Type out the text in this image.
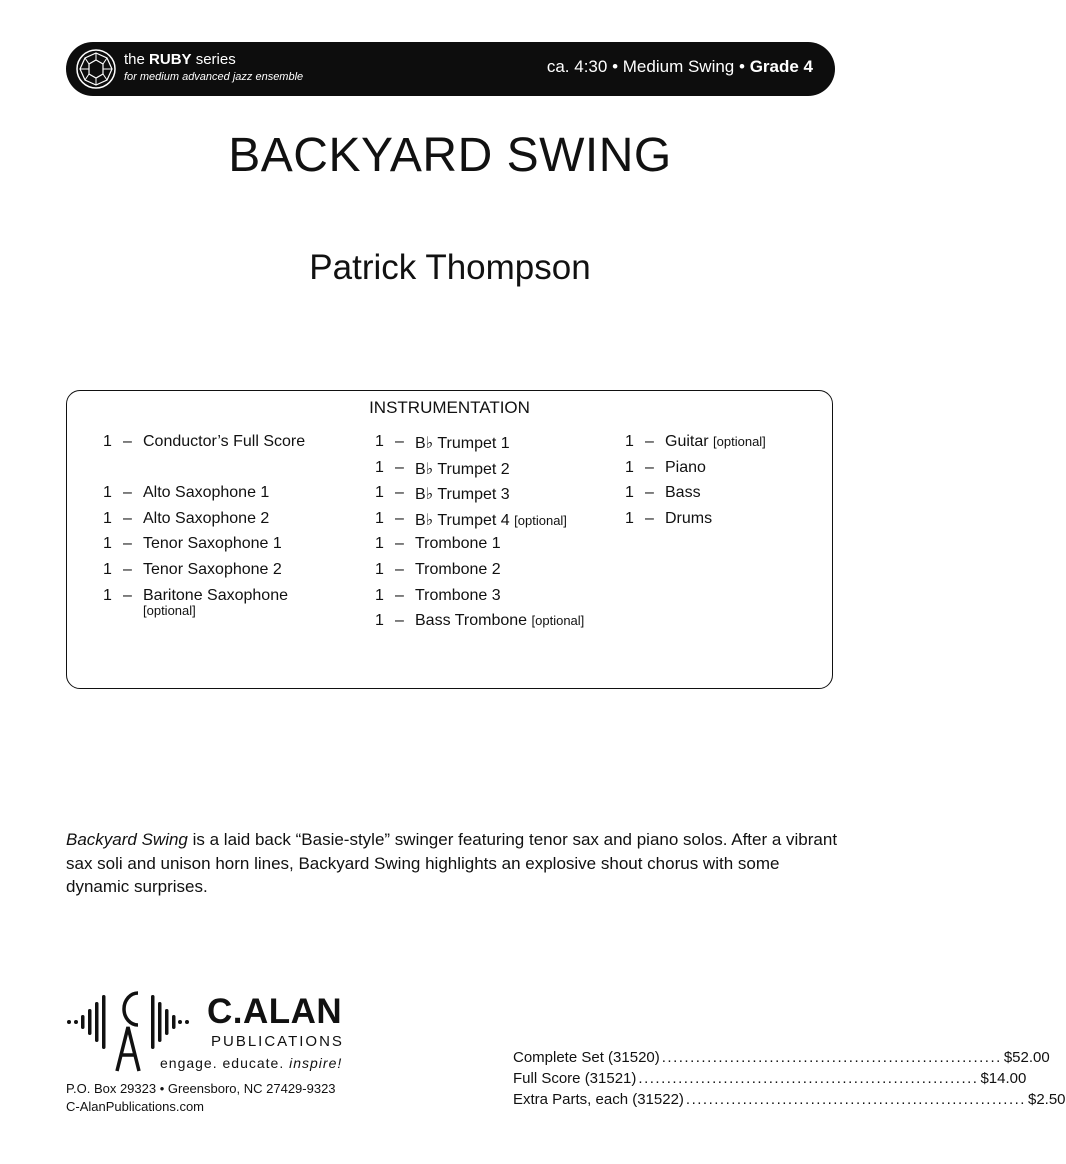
the RUBY series
for medium advanced jazz ensemble
ca. 4:30 • Medium Swing • Grade 4
BACKYARD SWING
Patrick Thompson
INSTRUMENTATION
1 – Conductor’s Full Score
1 – Alto Saxophone 1
1 – Alto Saxophone 2
1 – Tenor Saxophone 1
1 – Tenor Saxophone 2
1 – Baritone Saxophone
[optional]
1 – B♭ Trumpet 1
1 – B♭ Trumpet 2
1 – B♭ Trumpet 3
1 – B♭ Trumpet 4 [optional]
1 – Trombone 1
1 – Trombone 2
1 – Trombone 3
1 – Bass Trombone [optional]
1 – Guitar [optional]
1 – Piano
1 – Bass
1 – Drums
Backyard Swing is a laid back “Basie-style” swinger featuring tenor sax and piano solos. After a vibrant sax soli and unison horn lines, Backyard Swing highlights an explosive shout chorus with some dynamic surprises.
C.ALAN
PUBLICATIONS
engage. educate. inspire!
P.O. Box 29323 • Greensboro, NC 27429-9323
C-AlanPublications.com
Complete Set (31520) ............................................................ $52.00
Full Score (31521) ............................................................ $14.00
Extra Parts, each (31522) ............................................................ $2.50
